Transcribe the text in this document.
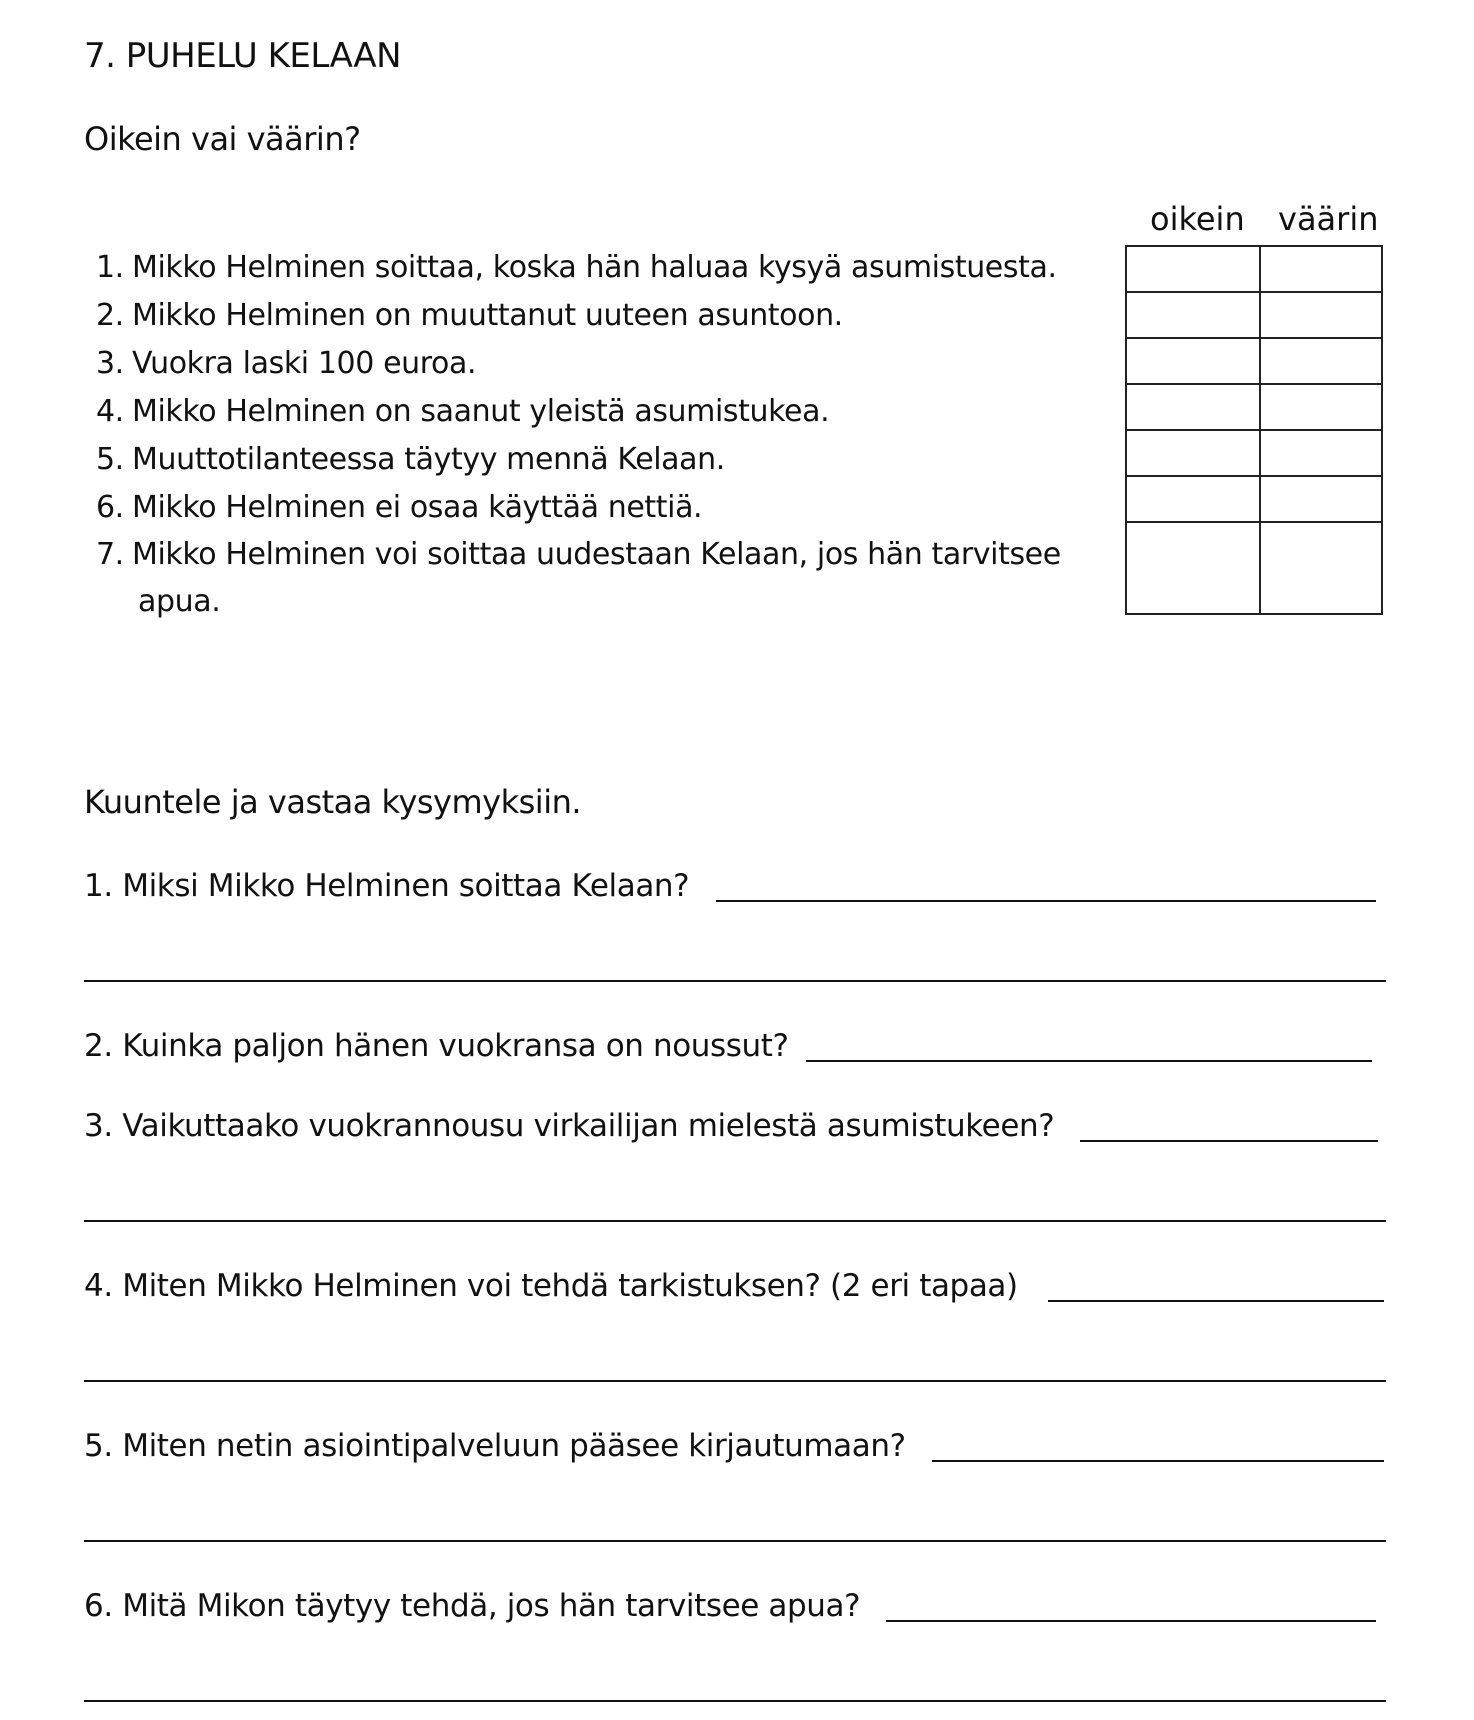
7. PUHELU KELAAN
Oikein vai väärin?
oikein väärin
1. Mikko Helminen soittaa, koska hän haluaa kysyä asumistuesta.
2. Mikko Helminen on muuttanut uuteen asuntoon.
3. Vuokra laski 100 euroa.
4. Mikko Helminen on saanut yleistä asumistukea.
5. Muuttotilanteessa täytyy mennä Kelaan.
6. Mikko Helminen ei osaa käyttää nettiä.
7. Mikko Helminen voi soittaa uudestaan Kelaan, jos hän tarvitsee
apua.

Kuuntele ja vastaa kysymyksiin.
1. Miksi Mikko Helminen soittaa Kelaan?
2. Kuinka paljon hänen vuokransa on noussut?
3. Vaikuttaako vuokrannousu virkailijan mielestä asumistukeen?
4. Miten Mikko Helminen voi tehdä tarkistuksen? (2 eri tapaa)
5. Miten netin asiointipalveluun pääsee kirjautumaan?
6. Mitä Mikon täytyy tehdä, jos hän tarvitsee apua?
